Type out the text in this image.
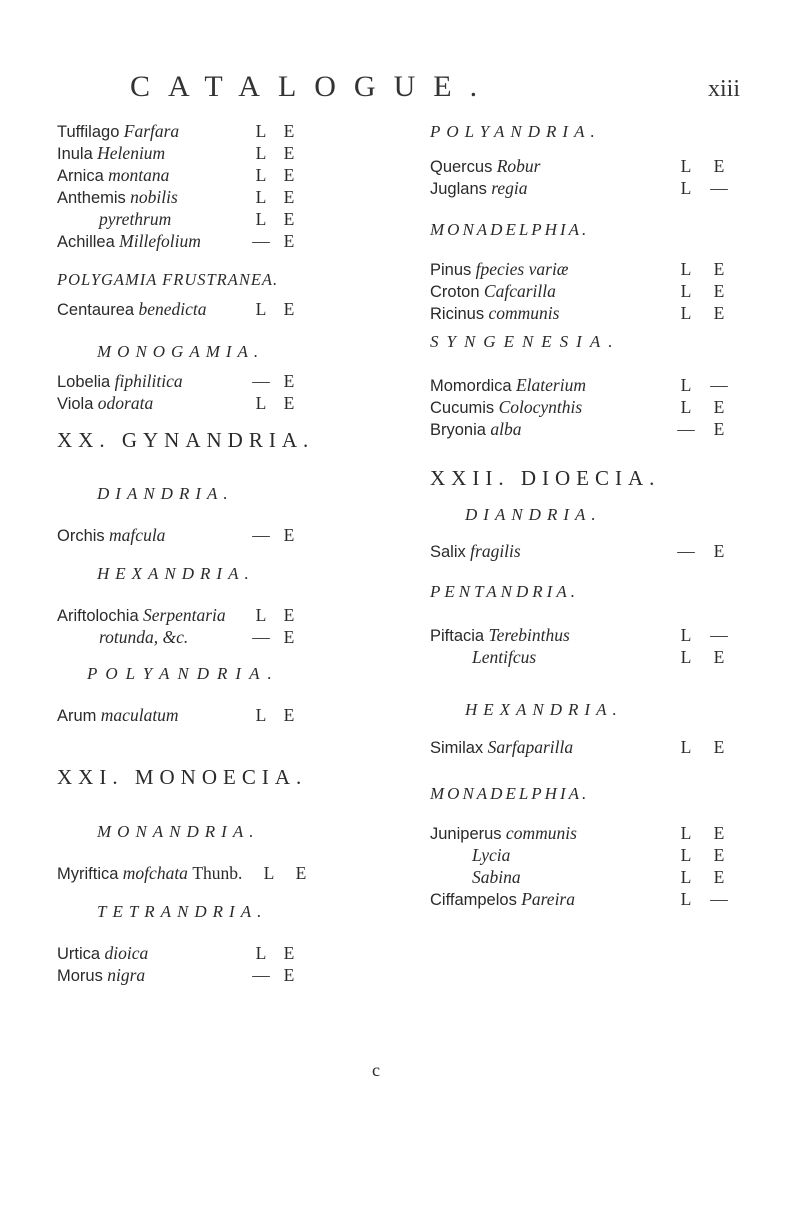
CATALOGUE.	xiii
Tuffilago Farfara	L E
Inula Helenium	L E
Arnica montana	L E
Anthemis nobilis	L E
pyrethrum	L E
Achillea Millefolium	— E
POLYGAMIA FRUSTRANEA.
Centaurea benedicta	L E
MONOGAMIA.
Lobelia fiphilitica	— E
Viola odorata	L E
XX. GYNANDRIA.
DIANDRIA.
Orchis mafcula	— E
HEXANDRIA.
Ariftolochia Serpentaria	L E
rotunda, &c.	— E
POLYANDRIA.
Arum maculatum	L E
XXI. MONOECIA.
MONANDRIA.
Myriftica mofchata Thunb.	L	E
TETRANDRIA.
Urtica dioica	L E
Morus nigra	— E
POLYANDRIA.
Quercus Robur	L	E
Juglans regia	L	—
MONADELPHIA.
Pinus fpecies variæ	L	E
Croton Cafcarilla	L	E
Ricinus communis	L	E
SYNGENESIA.
Momordica Elaterium	L	—
Cucumis Colocynthis	L	E
Bryonia alba	—	E
XXII. DIOECIA.
DIANDRIA.
Salix fragilis	—	E
PENTANDRIA.
Piftacia Terebinthus	L	—
Lentifcus	L	E
HEXANDRIA.
Similax Sarfaparilla	L	E
MONADELPHIA.
Juniperus communis	L	E
Lycia	L	E
Sabina	L	E
Ciffampelos Pareira	L	—
c
